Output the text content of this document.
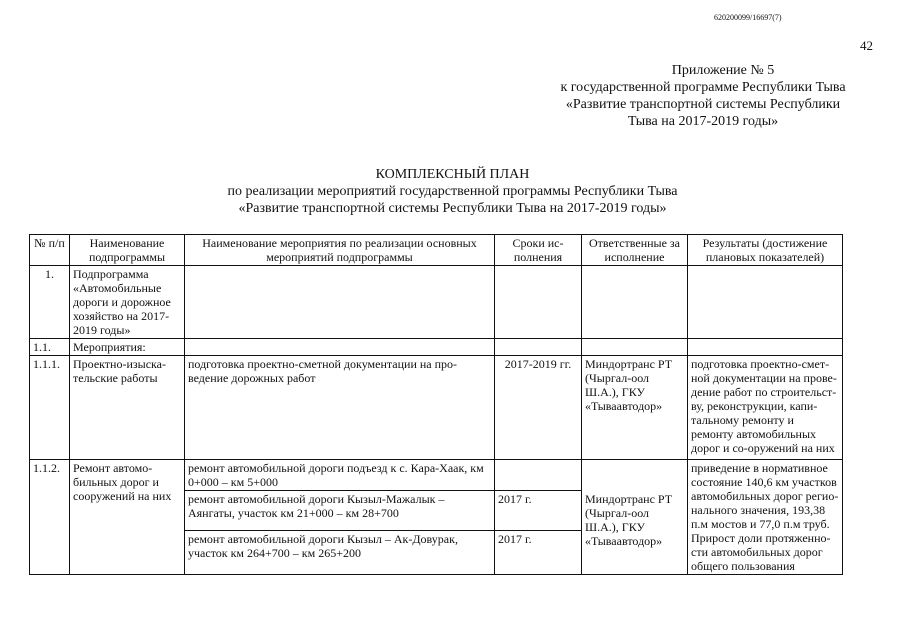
620200099/16697(7)
42
Приложение № 5
к государственной программе Республики Тыва
«Развитие транспортной системы Республики
Тыва на 2017-2019 годы»
КОМПЛЕКСНЫЙ ПЛАН
по реализации мероприятий государственной программы Республики Тыва
«Развитие транспортной системы Республики Тыва на 2017-2019 годы»
№ п/п	Наименование подпрограммы	Наименование мероприятия по реализации основных мероприятий подпрограммы	Сроки ис-полнения	Ответственные за исполнение	Результаты (достижение плановых показателей)
1.	Подпрограмма «Автомобильные дороги и дорожное хозяйство на 2017-2019 годы»				
1.1.	Мероприятия:				
1.1.1.	Проектно-изыска-тельские работы	подготовка проектно-сметной документации на про-ведение дорожных работ	2017-2019 гг.	Миндортранс РТ (Чыргал-оол Ш.А.), ГКУ «Тываавтодор»	подготовка проектно-смет-ной документации на прове-дение работ по строительст-ву, реконструкции, капи-тальному ремонту и ремонту автомобильных дорог и со-оружений на них
1.1.2.	Ремонт автомо-бильных дорог и сооружений на них	ремонт автомобильной дороги подъезд к с. Кара-Хаак, км 0+000 – км 5+000			приведение в нормативное состояние 140,6 км участков автомобильных дорог регио-нального значения, 193,38 п.м мостов и 77,0 п.м труб. Прирост доли протяженно-сти автомобильных дорог общего пользования
		ремонт автомобильной дороги Кызыл-Мажалык – Аянгаты, участок км 21+000 – км 28+700	2017 г.	Миндортранс РТ (Чыргал-оол Ш.А.), ГКУ «Тываавтодор»	
		ремонт автомобильной дороги Кызыл – Ак-Довурак, участок км 264+700 – км 265+200	2017 г.		
